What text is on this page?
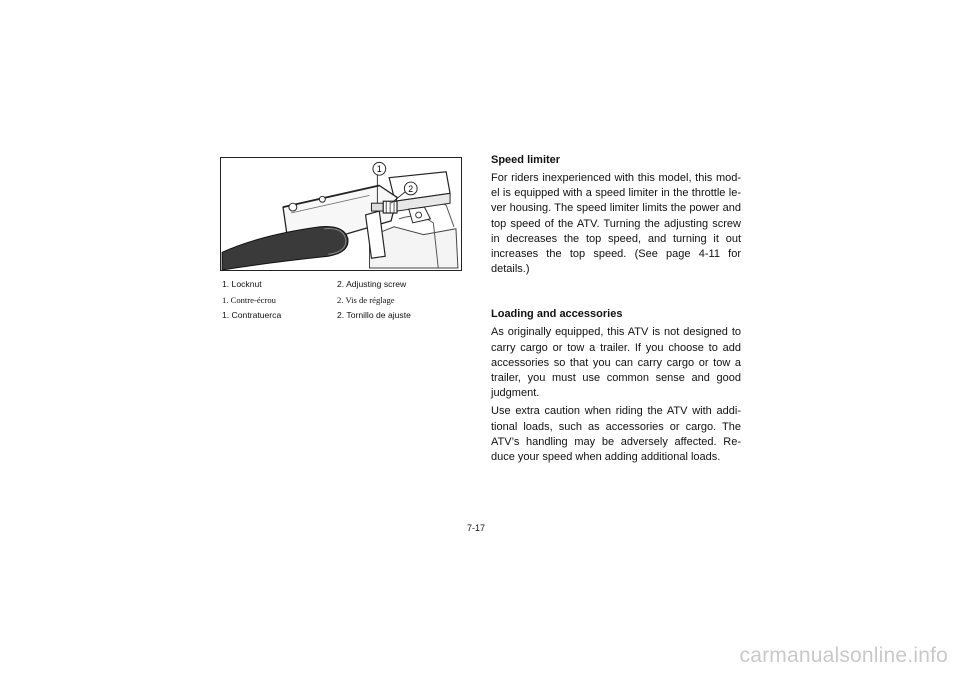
1
2
1. Locknut	2. Adjusting screw
1. Contre-écrou	2. Vis de réglage
1. Contratuerca	2. Tornillo de ajuste

Speed limiter

For riders inexperienced with this model, this mod-el is equipped with a speed limiter in the throttle le-ver housing. The speed limiter limits the power and top speed of the ATV. Turning the adjusting screw in decreases the top speed, and turning it out increases the top speed. (See page 4-11 for details.)

Loading and accessories

As originally equipped, this ATV is not designed to carry cargo or tow a trailer. If you choose to add accessories so that you can carry cargo or tow a trailer, you must use common sense and good judgment.

Use extra caution when riding the ATV with addi-tional loads, such as accessories or cargo. The ATV’s handling may be adversely affected. Re-duce your speed when adding additional loads.

7-17
carmanualsonline.info
